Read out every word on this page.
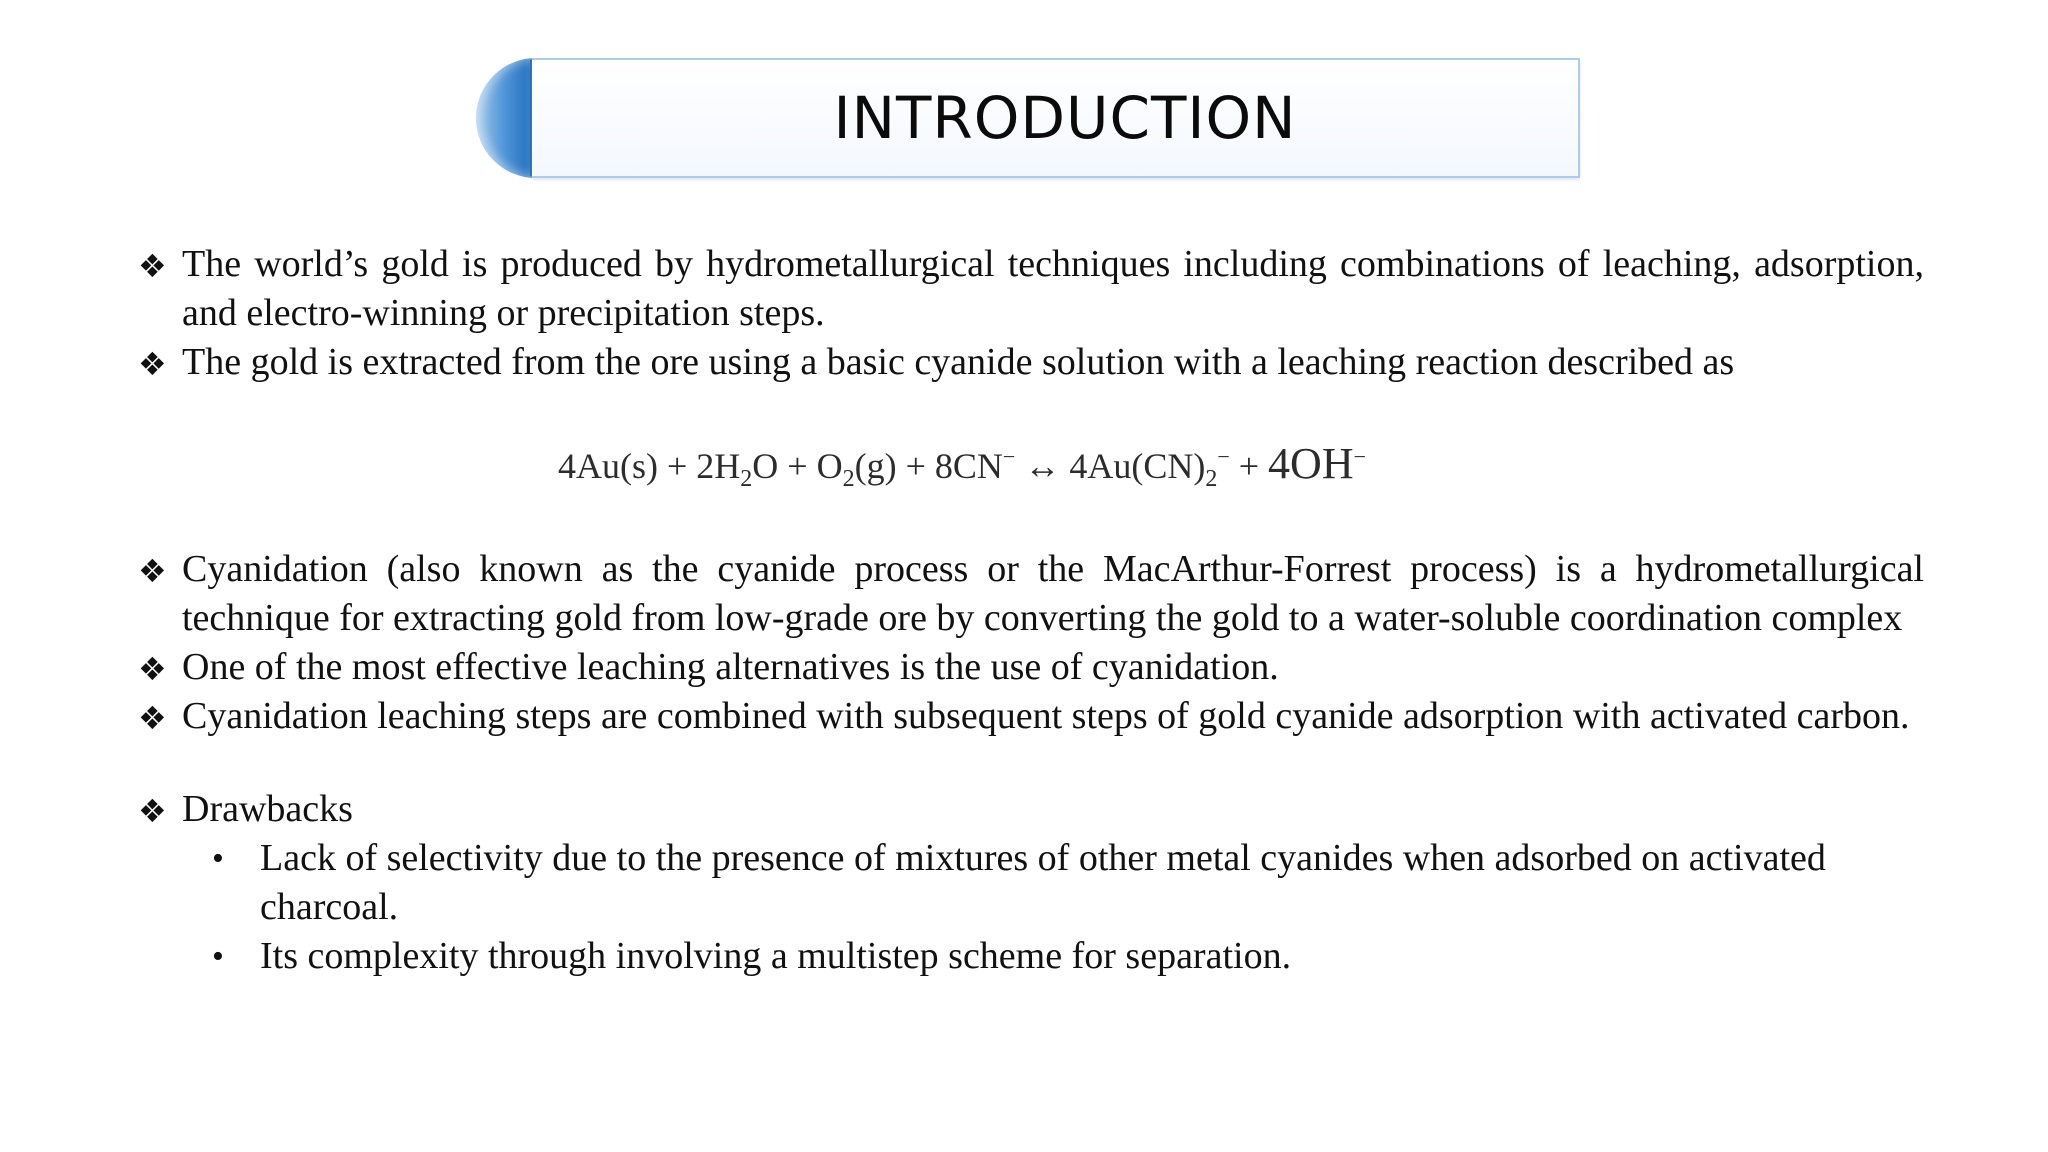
INTRODUCTION
❖ The world’s gold is produced by hydrometallurgical techniques including combinations of leaching, adsorption, and electro-winning or precipitation steps.
❖ The gold is extracted from the ore using a basic cyanide solution with a leaching reaction described as
$4Au(s) + 2H_2O + O_2(g) + 8CN^-$ ↔ $4Au(CN)_2^- + 4OH^-$
❖ Cyanidation (also known as the cyanide process or the MacArthur-Forrest process) is a hydrometallurgical technique for extracting gold from low-grade ore by converting the gold to a water-soluble coordination complex
❖ One of the most effective leaching alternatives is the use of cyanidation.
❖ Cyanidation leaching steps are combined with subsequent steps of gold cyanide adsorption with activated carbon.
❖ Drawbacks
• Lack of selectivity due to the presence of mixtures of other metal cyanides when adsorbed on activated charcoal.
• Its complexity through involving a multistep scheme for separation.
